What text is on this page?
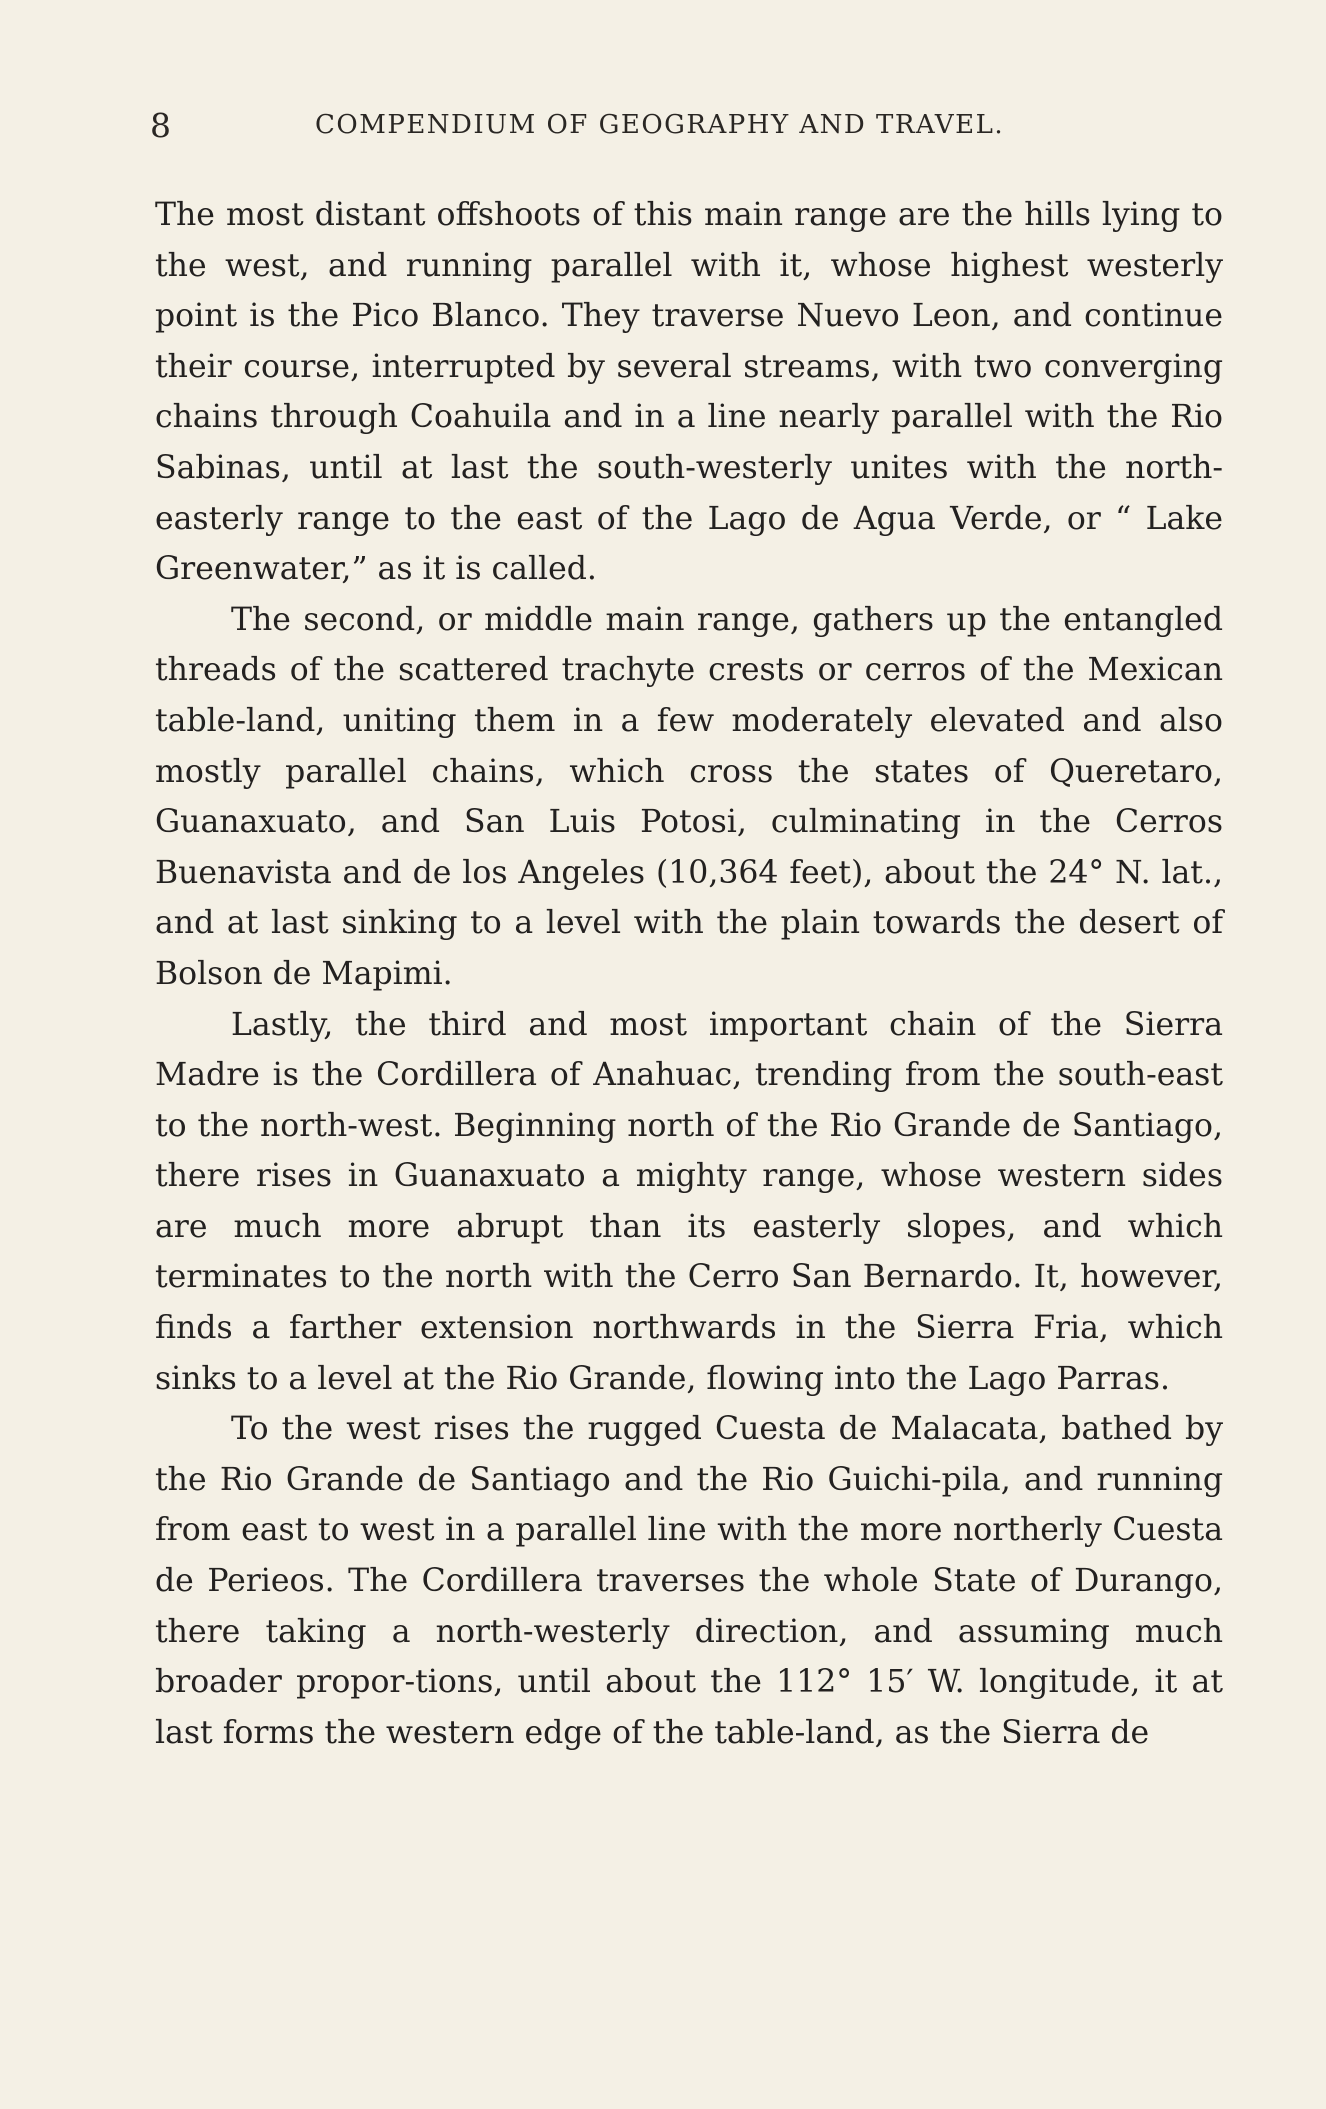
8	COMPENDIUM OF GEOGRAPHY AND TRAVEL.

The most distant offshoots of this main range are the hills lying to the west, and running parallel with it, whose highest westerly point is the Pico Blanco. They traverse Nuevo Leon, and continue their course, interrupted by several streams, with two converging chains through Coahuila and in a line nearly parallel with the Rio Sabinas, until at last the south-westerly unites with the north-easterly range to the east of the Lago de Agua Verde, or “ Lake Greenwater,” as it is called.

The second, or middle main range, gathers up the entangled threads of the scattered trachyte crests or cerros of the Mexican table-land, uniting them in a few moderately elevated and also mostly parallel chains, which cross the states of Queretaro, Guanaxuato, and San Luis Potosi, culminating in the Cerros Buenavista and de los Angeles (10,364 feet), about the 24° N. lat., and at last sinking to a level with the plain towards the desert of Bolson de Mapimi.

Lastly, the third and most important chain of the Sierra Madre is the Cordillera of Anahuac, trending from the south-east to the north-west. Beginning north of the Rio Grande de Santiago, there rises in Guanaxuato a mighty range, whose western sides are much more abrupt than its easterly slopes, and which terminates to the north with the Cerro San Bernardo. It, however, finds a farther extension northwards in the Sierra Fria, which sinks to a level at the Rio Grande, flowing into the Lago Parras.

To the west rises the rugged Cuesta de Malacata, bathed by the Rio Grande de Santiago and the Rio Guichi-pila, and running from east to west in a parallel line with the more northerly Cuesta de Perieos. The Cordillera traverses the whole State of Durango, there taking a north-westerly direction, and assuming much broader propor-tions, until about the 112° 15′ W. longitude, it at last forms the western edge of the table-land, as the Sierra de
